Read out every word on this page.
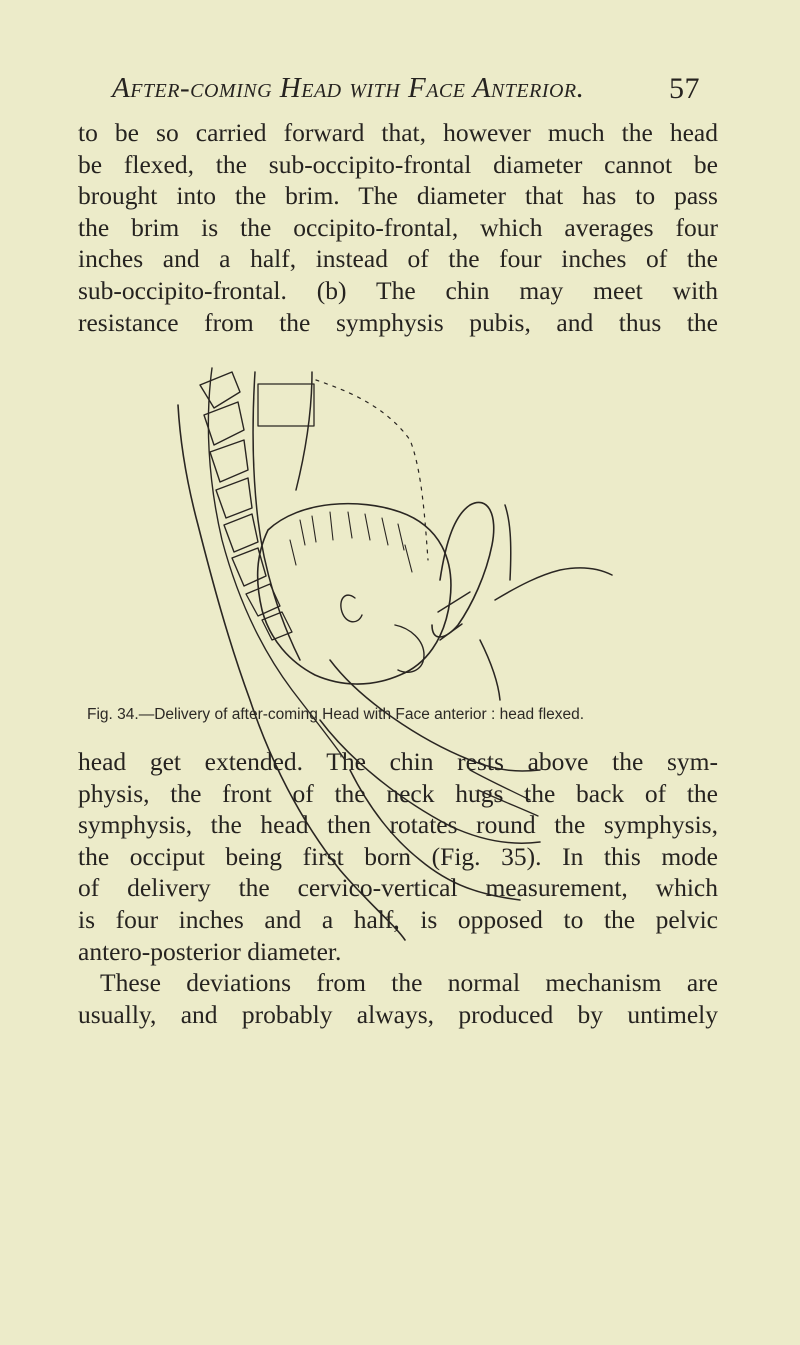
After-coming Head with Face Anterior.	57
to be so carried forward that, however much the head
be flexed, the sub-occipito-frontal diameter cannot be
brought into the brim. The diameter that has to pass
the brim is the occipito-frontal, which averages four
inches and a half, instead of the four inches of the
sub-occipito-frontal. (b) The chin may meet with
resistance from the symphysis pubis, and thus the
Fig. 34.—Delivery of after-coming Head with Face anterior : head flexed.
head get extended. The chin rests above the sym-
physis, the front of the neck hugs the back of the
symphysis, the head then rotates round the symphysis,
the occiput being first born (Fig. 35). In this mode
of delivery the cervico-vertical measurement, which
is four inches and a half, is opposed to the pelvic
antero-posterior diameter.
These deviations from the normal mechanism are
usually, and probably always, produced by untimely
